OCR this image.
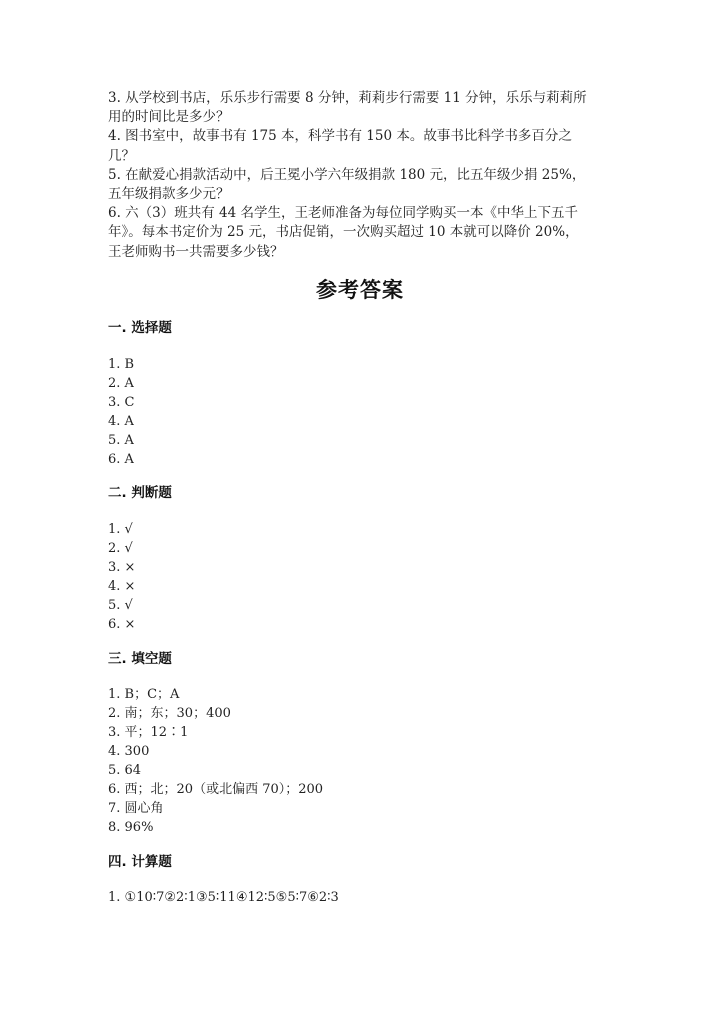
3. 从学校到书店，乐乐步行需要 8 分钟，莉莉步行需要 11 分钟，乐乐与莉莉所

用的时间比是多少？

4. 图书室中，故事书有 175 本，科学书有 150 本。故事书比科学书多百分之

几？

5. 在献爱心捐款活动中，后王冕小学六年级捐款 180 元，比五年级少捐 25%，

五年级捐款多少元？

6. 六（3）班共有 44 名学生，王老师准备为每位同学购买一本《中华上下五千

年》。每本书定价为 25 元，书店促销，一次购买超过 10 本就可以降价 20%，

王老师购书一共需要多少钱？

参考答案
一. 选择题
1. B
2. A
3. C
4. A
5. A
6. A
二. 判断题
1. √
2. √
3. ×
4. ×
5. √
6. ×
三. 填空题
1. B；C；A
2. 南；东；30；400
3. 平；12∶1
4. 300
5. 64
6. 西；北；20（或北偏西 70）；200
7. 圆心角
8. 96%
四. 计算题
1. ①10∶7②2∶1③5∶11④12∶5⑤5∶7⑥2∶3
